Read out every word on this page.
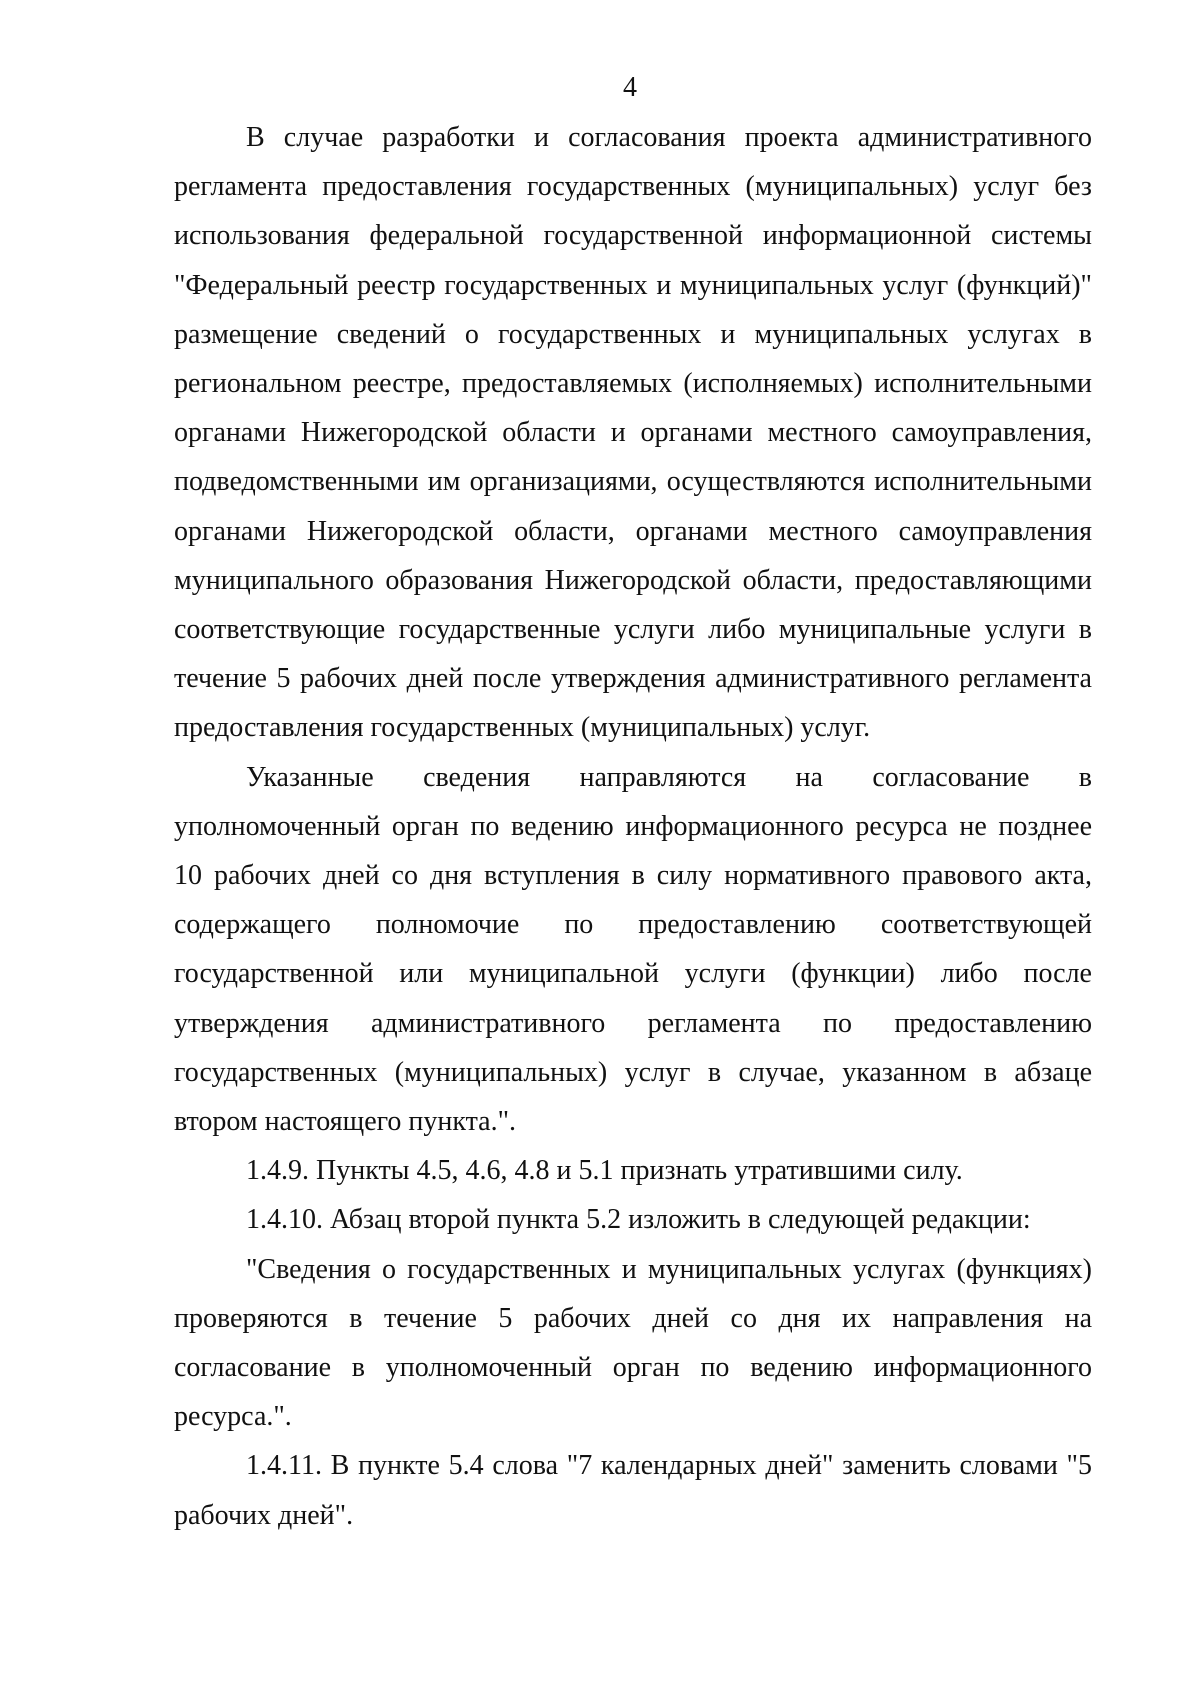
4

В случае разработки и согласования проекта административного регламента предоставления государственных (муниципальных) услуг без использования федеральной государственной информационной системы "Федеральный реестр государственных и муниципальных услуг (функций)" размещение сведений о государственных и муниципальных услугах в региональном реестре, предоставляемых (исполняемых) исполнительными органами Нижегородской области и органами местного самоуправления, подведомственными им организациями, осуществляются исполнительными органами Нижегородской области, органами местного самоуправления муниципального образования Нижегородской области, предоставляющими соответствующие государственные услуги либо муниципальные услуги в течение 5 рабочих дней после утверждения административного регламента предоставления государственных (муниципальных) услуг.

Указанные сведения направляются на согласование в уполномоченный орган по ведению информационного ресурса не позднее 10 рабочих дней со дня вступления в силу нормативного правового акта, содержащего полномочие по предоставлению соответствующей государственной или муниципальной услуги (функции) либо после утверждения административного регламента по предоставлению государственных (муниципальных) услуг в случае, указанном в абзаце втором настоящего пункта.".

1.4.9. Пункты 4.5, 4.6, 4.8 и 5.1 признать утратившими силу.

1.4.10. Абзац второй пункта 5.2 изложить в следующей редакции:

"Сведения о государственных и муниципальных услугах (функциях) проверяются в течение 5 рабочих дней со дня их направления на согласование в уполномоченный орган по ведению информационного ресурса.".

1.4.11. В пункте 5.4 слова "7 календарных дней" заменить словами "5 рабочих дней".
